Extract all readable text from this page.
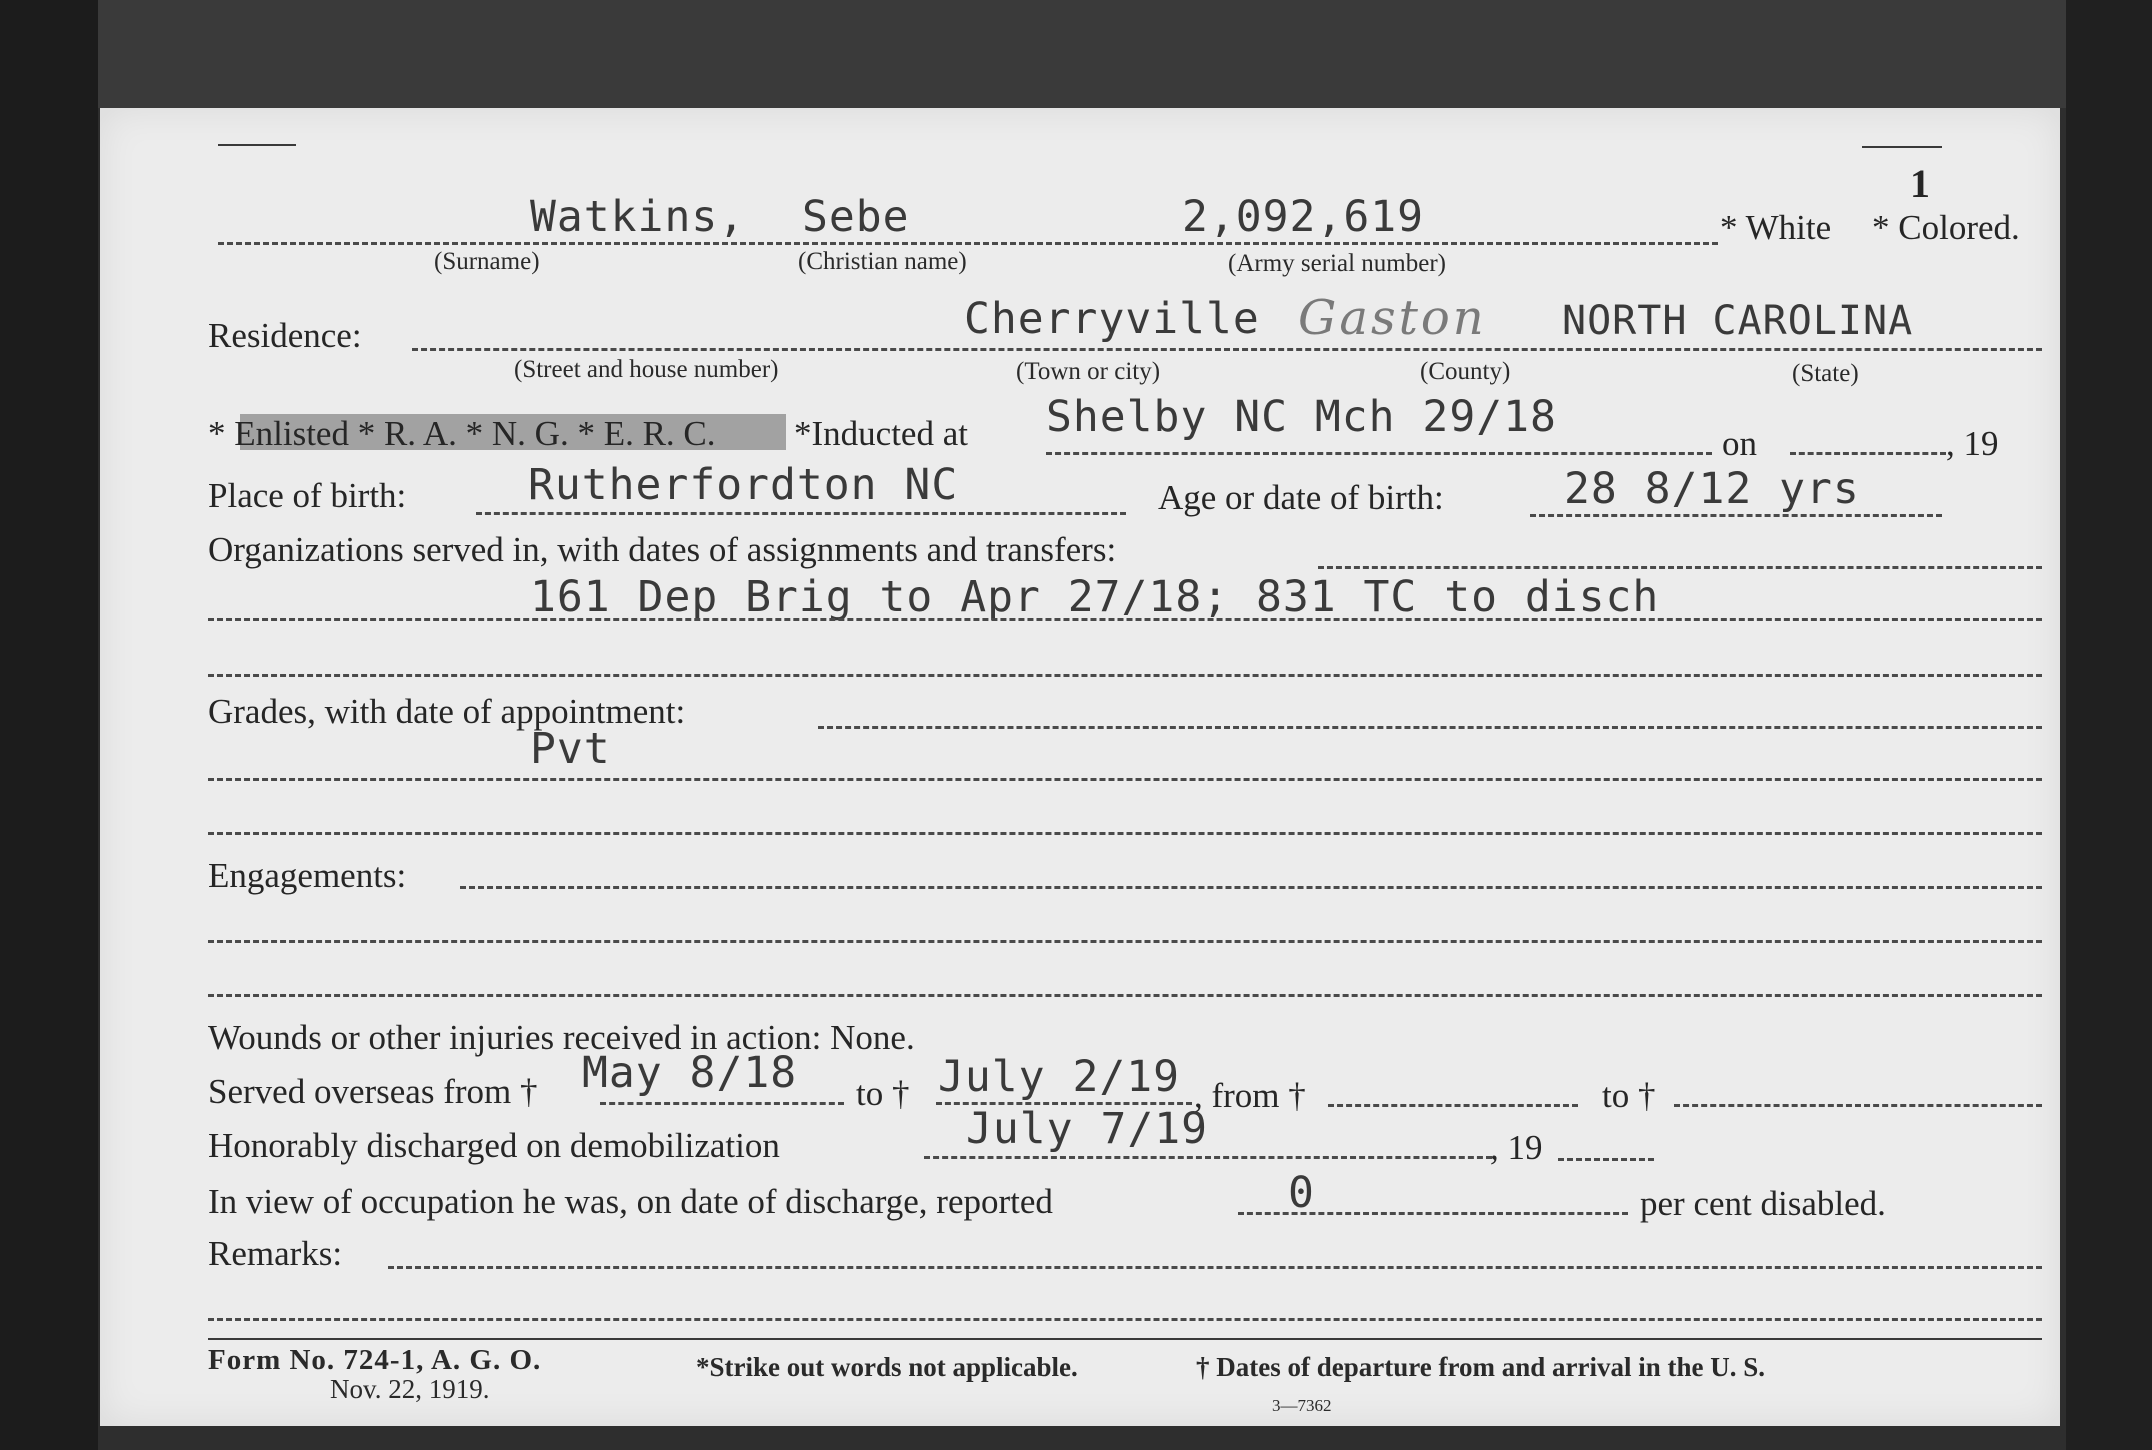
1
Watkins, Sebe	2,092,619	* White * Colored.
(Surname)	(Christian name)	(Army serial number)
Residence:	Cherryville Gaston NORTH CAROLINA
(Street and house number)	(Town or city)	(County)	(State)
* Enlisted * R. A. * N. G. * E. R. C. *Inducted at Shelby NC Mch 29/18
on	, 19
Place of birth:	Rutherfordton NC	Age or date of birth:	28 8/12 yrs
Organizations served in, with dates of assignments and transfers:
161 Dep Brig to Apr 27/18; 831 TC to disch
Grades, with date of appointment:
Pvt
Engagements:
Wounds or other injuries received in action: None.
Served overseas from † May 8/18 to † July 2/19 , from †	to †
Honorably discharged on demobilization	July 7/19	, 19
In view of occupation he was, on date of discharge, reported	0	per cent disabled.
Remarks:
Form No. 724-1, A. G. O.
Nov. 22, 1919.
*Strike out words not applicable.	† Dates of departure from and arrival in the U. S.
3—7362
